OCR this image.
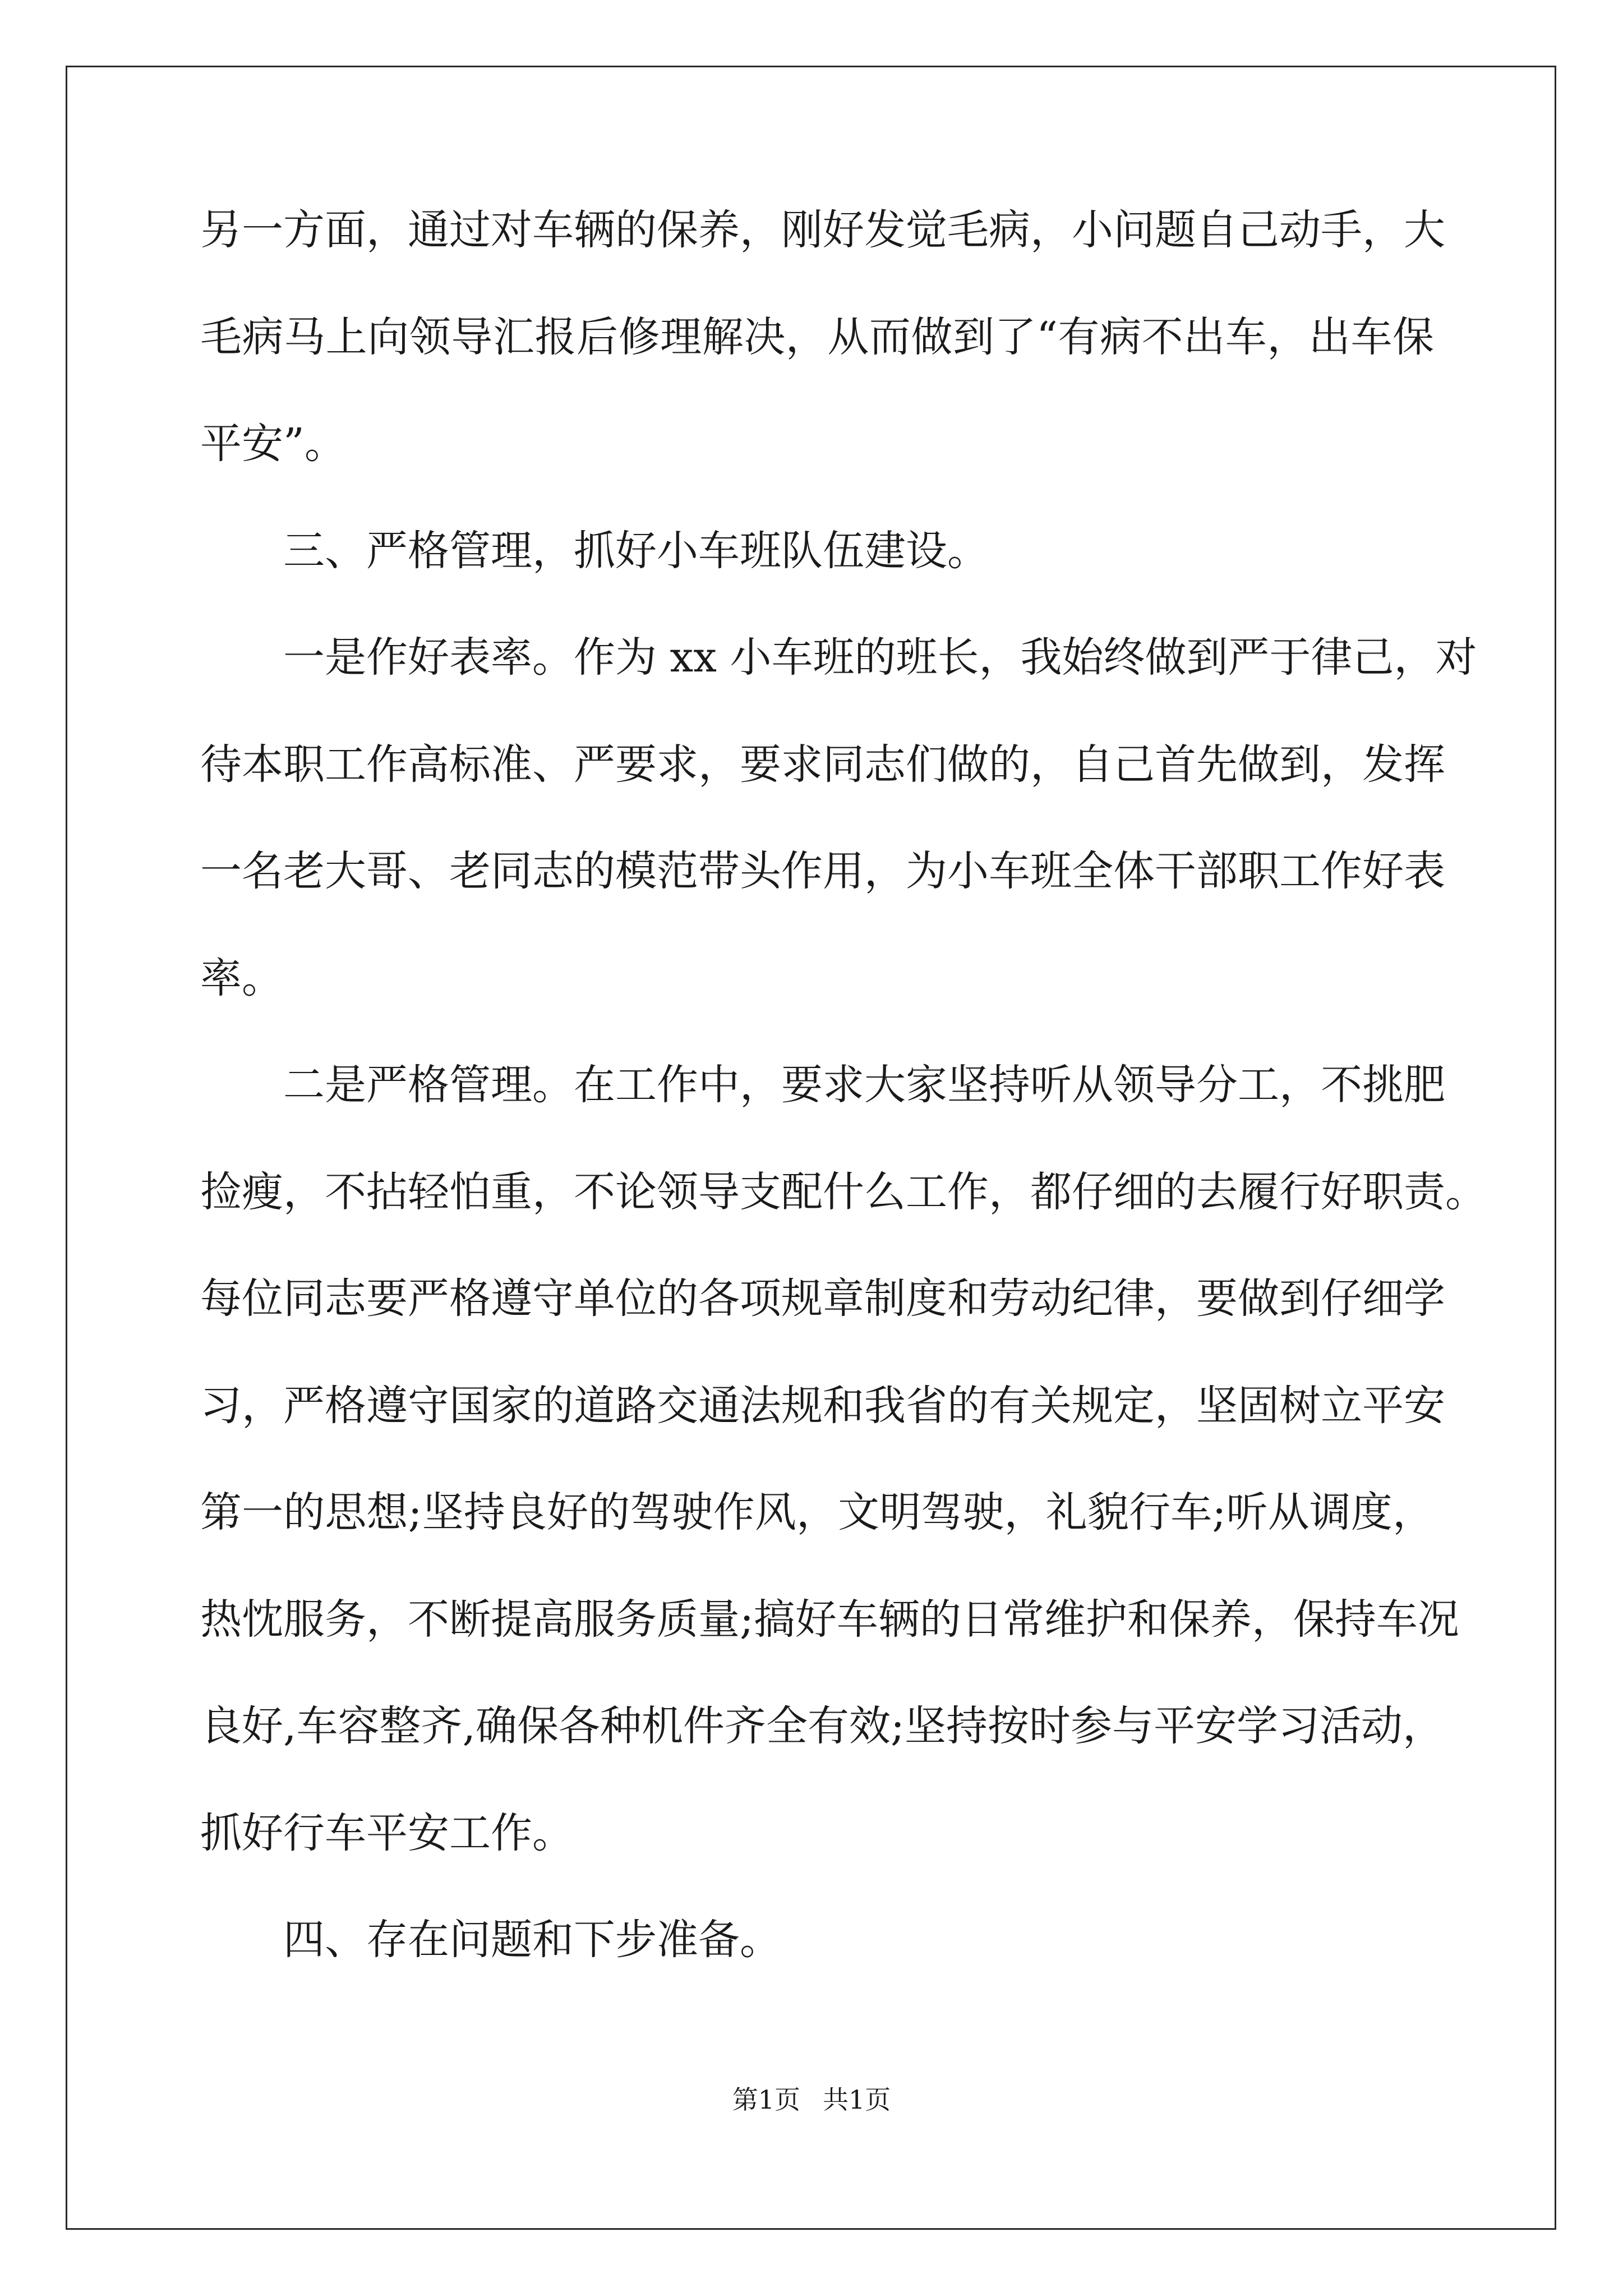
另一方面，通过对车辆的保养，刚好发觉毛病，小问题自己动手，大
毛病马上向领导汇报后修理解决，从而做到了“有病不出车，出车保
平安”。
三、严格管理，抓好小车班队伍建设。
一是作好表率。作为 xx 小车班的班长，我始终做到严于律己，对
待本职工作高标准、严要求，要求同志们做的，自己首先做到，发挥
一名老大哥、老同志的模范带头作用，为小车班全体干部职工作好表
率。
二是严格管理。在工作中，要求大家坚持听从领导分工，不挑肥
捡瘦，不拈轻怕重，不论领导支配什么工作，都仔细的去履行好职责。
每位同志要严格遵守单位的各项规章制度和劳动纪律，要做到仔细学
习，严格遵守国家的道路交通法规和我省的有关规定，坚固树立平安
第一的思想;坚持良好的驾驶作风，文明驾驶，礼貌行车;听从调度，
热忱服务，不断提高服务质量;搞好车辆的日常维护和保养，保持车况
良好,车容整齐,确保各种机件齐全有效;坚持按时参与平安学习活动，
抓好行车平安工作。
四、存在问题和下步准备。
第1页 共1页
